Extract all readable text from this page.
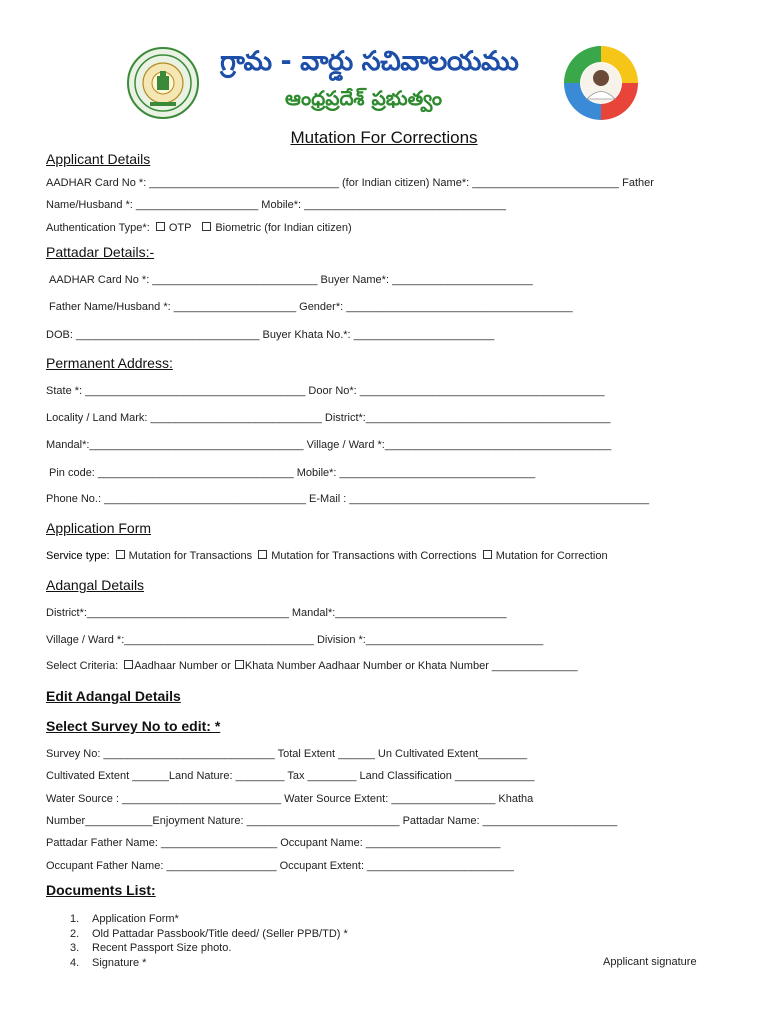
గ్రామ - వార్డు సచివాలయము
ఆంధ్రప్రదేశ్ ప్రభుత్వం
Mutation For Corrections
Applicant Details
AADHAR Card No *: _______________________________ (for Indian citizen) Name*: ________________________ Father
Name/Husband *: ____________________ Mobile*: _________________________________
Authentication Type*: OTP Biometric (for Indian citizen)
Pattadar Details:-
AADHAR Card No *: ___________________________ Buyer Name*: _______________________
Father Name/Husband *: ____________________ Gender*: _____________________________________
DOB: ______________________________ Buyer Khata No.*: _______________________
Permanent Address:
State *: ____________________________________ Door No*: ________________________________________
Locality / Land Mark: ____________________________ District*:________________________________________
Mandal*:___________________________________ Village / Ward *:_____________________________________
Pin code: ________________________________ Mobile*: ________________________________
Phone No.: _________________________________ E-Mail : _________________________________________________
Application Form
Service type: Mutation for Transactions Mutation for Transactions with Corrections Mutation for Correction
Adangal Details
District*:_________________________________ Mandal*:____________________________
Village / Ward *:_______________________________ Division *:_____________________________
Select Criteria: Aadhaar Number or Khata Number Aadhaar Number or Khata Number ______________
Edit Adangal Details
Select Survey No to edit: *
Survey No: ____________________________ Total Extent ______ Un Cultivated Extent________
Cultivated Extent ______Land Nature: ________ Tax ________ Land Classification _____________
Water Source : __________________________ Water Source Extent: _________________ Khatha
Number___________Enjoyment Nature: _________________________ Pattadar Name: ______________________
Pattadar Father Name: ___________________ Occupant Name: ______________________
Occupant Father Name: __________________ Occupant Extent: ________________________
Documents List:
1.	Application Form*
2.	Old Pattadar Passbook/Title deed/ (Seller PPB/TD) *
3.	Recent Passport Size photo.
4.	Signature *	Applicant signature
